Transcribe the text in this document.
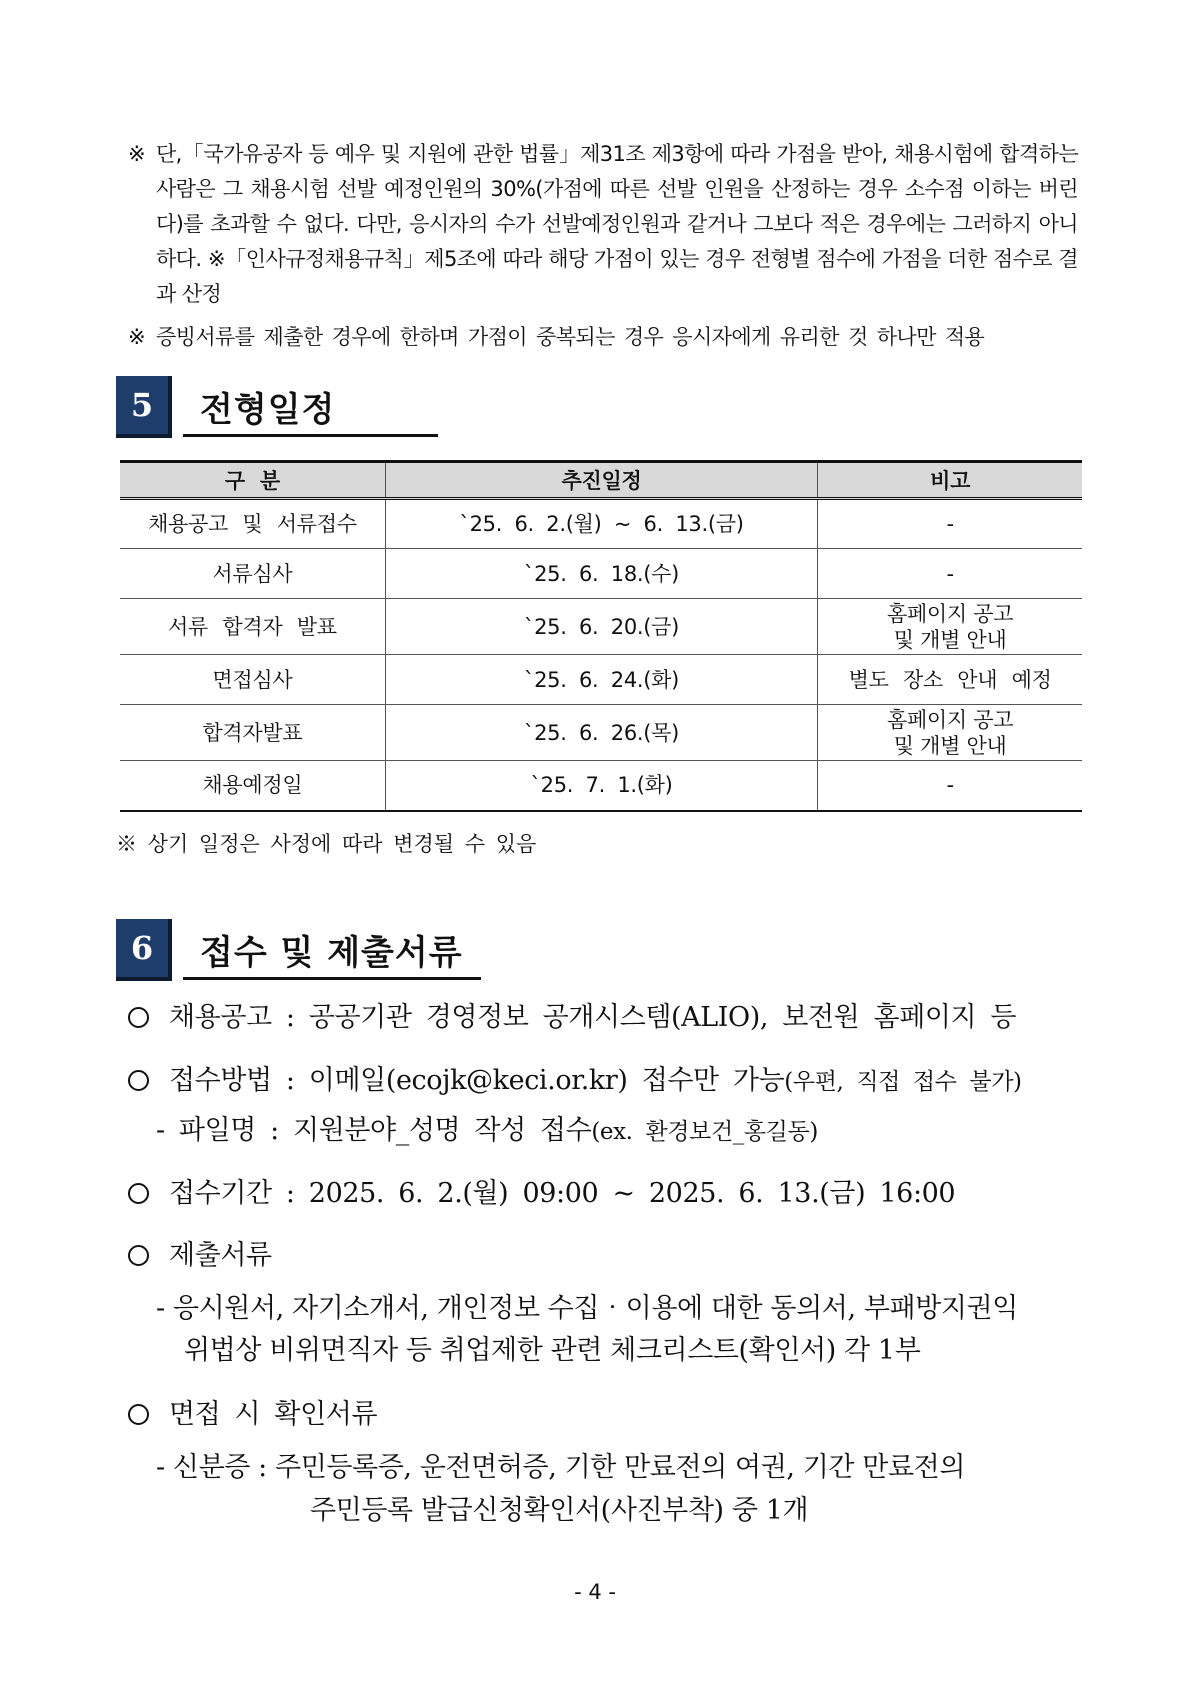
※ 단,「국가유공자 등 예우 및 지원에 관한 법률」제31조 제3항에 따라 가점을 받아, 채용시험에 합격하는 사람은 그 채용시험 선발 예정인원의 30%(가점에 따른 선발 인원을 산정하는 경우 소수점 이하는 버린다)를 초과할 수 없다. 다만, 응시자의 수가 선발예정인원과 같거나 그보다 적은 경우에는 그러하지 아니하다. ※「인사규정채용규칙」제5조에 따라 해당 가점이 있는 경우 전형별 점수에 가점을 더한 점수로 결과 산정
※ 증빙서류를 제출한 경우에 한하며 가점이 중복되는 경우 응시자에게 유리한 것 하나만 적용
5	전형일정
구 분	추진일정	비고
채용공고 및 서류접수	`25. 6. 2.(월) ~ 6. 13.(금)	-
서류심사	`25. 6. 18.(수)	-
서류 합격자 발표	`25. 6. 20.(금)	홈페이지 공고
및 개별 안내
면접심사	`25. 6. 24.(화)	별도 장소 안내 예정
합격자발표	`25. 6. 26.(목)	홈페이지 공고
및 개별 안내
채용예정일	`25. 7. 1.(화)	-
※ 상기 일정은 사정에 따라 변경될 수 있음
6	접수 및 제출서류
채용공고 : 공공기관 경영정보 공개시스템(ALIO), 보전원 홈페이지 등
접수방법 : 이메일(ecojk@keci.or.kr) 접수만 가능(우편, 직접 접수 불가)
- 파일명 : 지원분야_성명 작성 접수(ex. 환경보건_홍길동)
접수기간 : 2025. 6. 2.(월) 09:00 ~ 2025. 6. 13.(금) 16:00
제출서류
- 응시원서, 자기소개서, 개인정보 수집‧이용에 대한 동의서, 부패방지권익
위법상 비위면직자 등 취업제한 관련 체크리스트(확인서) 각 1부
면접 시 확인서류
- 신분증 : 주민등록증, 운전면허증, 기한 만료전의 여권, 기간 만료전의
주민등록 발급신청확인서(사진부착) 중 1개
- 4 -
